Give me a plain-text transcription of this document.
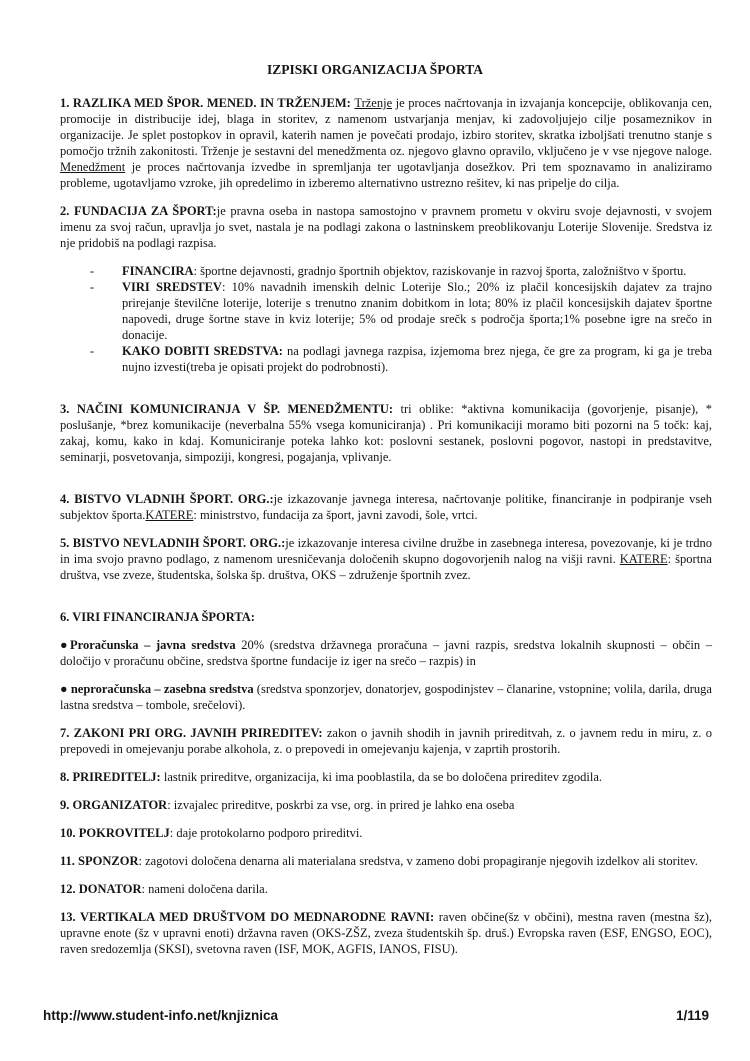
IZPISKI ORGANIZACIJA ŠPORTA

1. RAZLIKA MED ŠPOR. MENED. IN TRŽENJEM: Trženje je proces načrtovanja in izvajanja koncepcije, oblikovanja cen, promocije in distribucije idej, blaga in storitev, z namenom ustvarjanja menjav, ki zadovoljujejo cilje posameznikov in organizacije. Je splet postopkov in opravil, katerih namen je povečati prodajo, izbiro storitev, skratka izboljšati trenutno stanje s pomočjo tržnih zakonitosti. Trženje je sestavni del menedžmenta oz. njegovo glavno opravilo, vključeno je v vse njegove naloge. Menedžment je proces načrtovanja izvedbe in spremljanja ter ugotavljanja dosežkov. Pri tem spoznavamo in analiziramo probleme, ugotavljamo vzroke, jih opredelimo in izberemo alternativno ustrezno rešitev, ki nas pripelje do cilja.

2. FUNDACIJA ZA ŠPORT:je pravna oseba in nastopa samostojno v pravnem prometu v okviru svoje dejavnosti, v svojem imenu za svoj račun, upravlja jo svet, nastala je na podlagi zakona o lastninskem preoblikovanju Loterije Slovenije. Sredstva iz nje pridobiš na podlagi razpisa.

- FINANCIRA: športne dejavnosti, gradnjo športnih objektov, raziskovanje in razvoj športa, založništvo v športu.
- VIRI SREDSTEV: 10% navadnih imenskih delnic Loterije Slo.; 20% iz plačil koncesijskih dajatev za trajno prirejanje številčne loterije, loterije s trenutno znanim dobitkom in lota; 80% iz plačil koncesijskih dajatev športne napovedi, druge šortne stave in kviz loterije; 5% od prodaje srečk s področja športa;1% posebne igre na srečo in donacije.
- KAKO DOBITI SREDSTVA: na podlagi javnega razpisa, izjemoma brez njega, če gre za program, ki ga je treba nujno izvesti(treba je opisati projekt do podrobnosti).

3. NAČINI KOMUNICIRANJA V ŠP. MENEDŽMENTU: tri oblike: *aktivna komunikacija (govorjenje, pisanje), * poslušanje, *brez komunikacije (neverbalna 55% vsega komuniciranja) . Pri komunikaciji moramo biti pozorni na 5 točk: kaj, zakaj, komu, kako in kdaj. Komuniciranje poteka lahko kot: poslovni sestanek, poslovni pogovor, nastopi in predstavitve, seminarji, posvetovanja, simpoziji, kongresi, pogajanja, vplivanje.

4. BISTVO VLADNIH ŠPORT. ORG.:je izkazovanje javnega interesa, načrtovanje politike, financiranje in podpiranje vseh subjektov športa.KATERE: ministrstvo, fundacija za šport, javni zavodi, šole, vrtci.

5. BISTVO NEVLADNIH ŠPORT. ORG.:je izkazovanje interesa civilne družbe in zasebnega interesa, povezovanje, ki je trdno in ima svojo pravno podlago, z namenom uresničevanja določenih skupno dogovorjenih nalog na višji ravni. KATERE: športna društva, vse zveze, študentska, šolska šp. društva, OKS – združenje športnih zvez.

6. VIRI FINANCIRANJA ŠPORTA:

●Proračunska – javna sredstva 20% (sredstva državnega proračuna – javni razpis, sredstva lokalnih skupnosti – občin – določijo v proračunu občine, sredstva športne fundacije iz iger na srečo – razpis) in

● neproračunska – zasebna sredstva (sredstva sponzorjev, donatorjev, gospodinjstev – članarine, vstopnine; volila, darila, druga lastna sredstva – tombole, srečelovi).

7. ZAKONI PRI ORG. JAVNIH PRIREDITEV: zakon o javnih shodih in javnih prireditvah, z. o javnem redu in miru, z. o prepovedi in omejevanju porabe alkohola, z. o prepovedi in omejevanju kajenja, v zaprtih prostorih.

8. PRIREDITELJ: lastnik prireditve, organizacija, ki ima pooblastila, da se bo določena prireditev zgodila.

9. ORGANIZATOR: izvajalec prireditve, poskrbi za vse, org. in prired je lahko ena oseba

10. POKROVITELJ: daje protokolarno podporo prireditvi.

11. SPONZOR: zagotovi določena denarna ali materialana sredstva, v zameno dobi propagiranje njegovih izdelkov ali storitev.

12. DONATOR: nameni določena darila.

13. VERTIKALA MED DRUŠTVOM DO MEDNARODNE RAVNI: raven občine(šz v občini), mestna raven (mestna šz), upravne enote (šz v upravni enoti) državna raven (OKS-ZŠZ, zveza študentskih šp. druš.) Evropska raven (ESF, ENGSO, EOC), raven sredozemlja (SKSI), svetovna raven (ISF, MOK, AGFIS, IANOS, FISU).

http://www.student-info.net/knjiznica	1/119
